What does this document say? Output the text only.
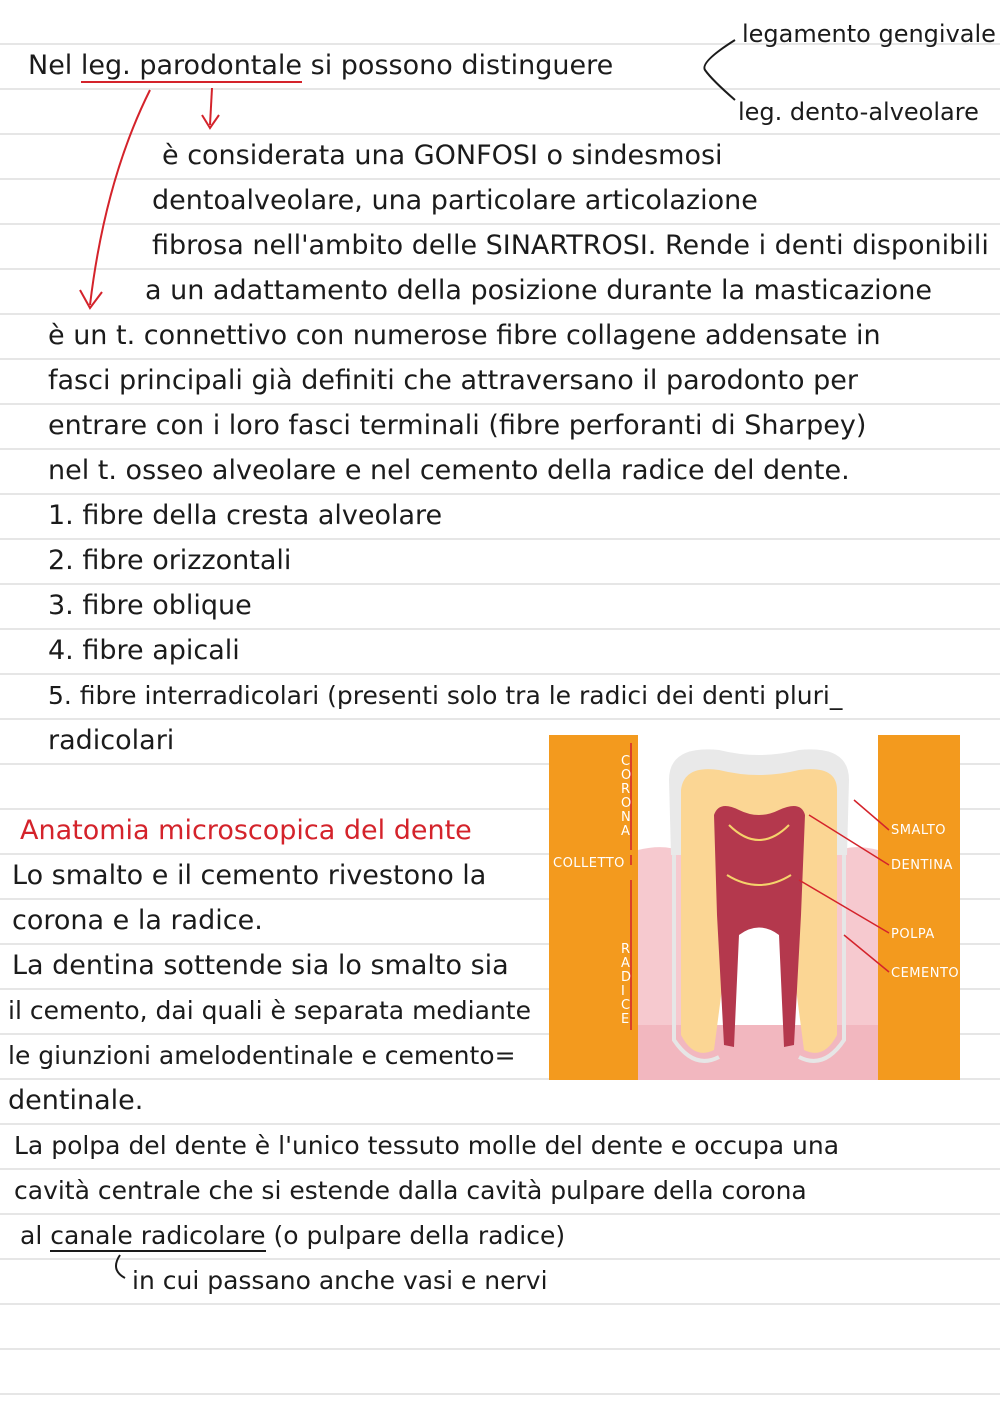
Nel leg. parodontale si possono distinguere
legamento gengivale
leg. dento-alveolare
è considerata una GONFOSI o sindesmosi
dentoalveolare, una particolare articolazione
fibrosa nell'ambito delle SINARTROSI. Rende i denti disponibili
a un adattamento della posizione durante la masticazione
è un t. connettivo con numerose fibre collagene addensate in
fasci principali già definiti che attraversano il parodonto per
entrare con i loro fasci terminali (fibre perforanti di Sharpey)
nel t. osseo alveolare e nel cemento della radice del dente.
1. fibre della cresta alveolare
2. fibre orizzontali
3. fibre oblique
4. fibre apicali
5. fibre interradicolari (presenti solo tra le radici dei denti pluri_
radicolari
Anatomia microscopica del dente
Lo smalto e il cemento rivestono la
corona e la radice.
La dentina sottende sia lo smalto sia
il cemento, dai quali è separata mediante
le giunzioni amelodentinale e cemento=
dentinale.
La polpa del dente è l'unico tessuto molle del dente e occupa una
cavità centrale che si estende dalla cavità pulpare della corona
al canale radicolare (o pulpare della radice)
in cui passano anche vasi e nervi
C O R O N A
COLLETTO
R A D I C E
SMALTO
DENTINA
POLPA
CEMENTO
